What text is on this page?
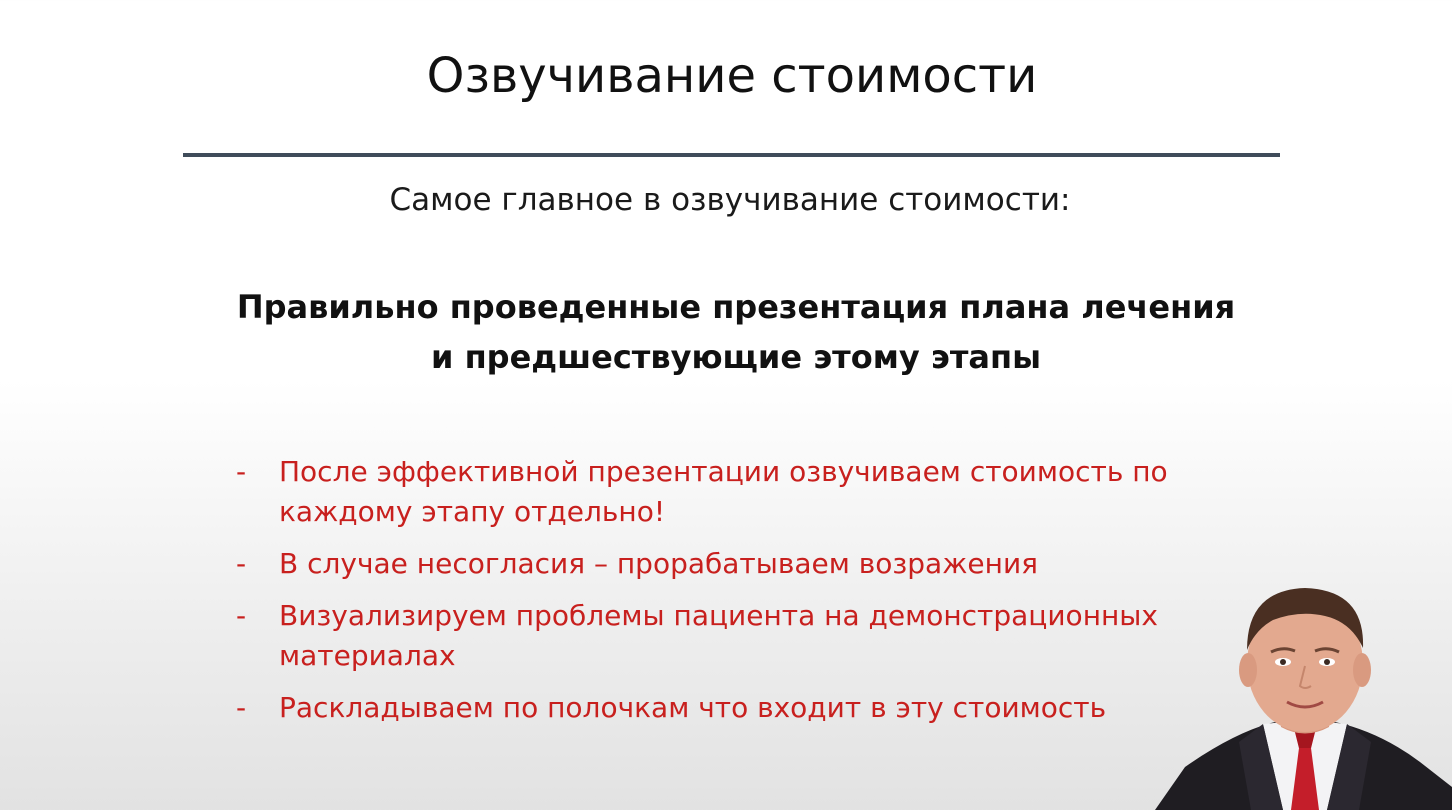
Озвучивание стоимости
Самое главное в озвучивание стоимости:
Правильно проведенные презентация плана лечения
и предшествующие этому этапы
- После эффективной презентации озвучиваем стоимость по каждому этапу отдельно!
- В случае несогласия – прорабатываем возражения
- Визуализируем проблемы пациента на демонстрационных материалах
- Раскладываем по полочкам что входит в эту стоимость
